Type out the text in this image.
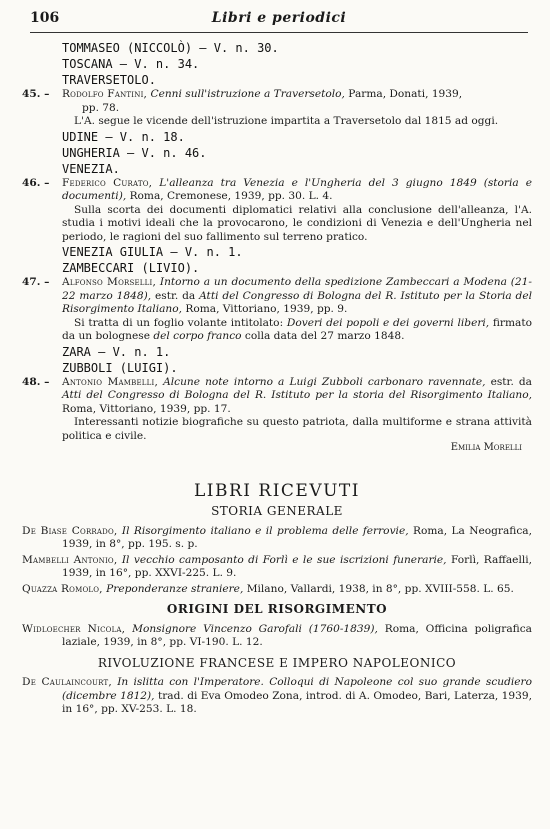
106	Libri e periodici
TOMMASEO (NICCOLÒ) – V. n. 30.
TOSCANA – V. n. 34.
TRAVERSETOLO.
45. – Rodolfo Fantini, Cenni sull'istruzione a Traversetolo, Parma, Donati, 1939,
pp. 78.
L'A. segue le vicende dell'istruzione impartita a Traversetolo dal 1815 ad oggi.
UDINE – V. n. 18.
UNGHERIA – V. n. 46.
VENEZIA.
46. – Federico Curato, L'alleanza tra Venezia e l'Ungheria del 3 giugno 1849 (storia e documenti), Roma, Cremonese, 1939, pp. 30. L. 4.
Sulla scorta dei documenti diplomatici relativi alla conclusione dell'alleanza, l'A. studia i motivi ideali che la provocarono, le condizioni di Venezia e dell'Ungheria nel periodo, le ragioni del suo fallimento sul terreno pratico.
VENEZIA GIULIA – V. n. 1.
ZAMBECCARI (LIVIO).
47. – Alfonso Morselli, Intorno a un documento della spedizione Zambeccari a Modena (21-22 marzo 1848), estr. da Atti del Congresso di Bologna del R. Istituto per la Storia del Risorgimento Italiano, Roma, Vittoriano, 1939, pp. 9.
Si tratta di un foglio volante intitolato: Doveri dei popoli e dei governi liberi, firmato da un bolognese del corpo franco colla data del 27 marzo 1848.
ZARA – V. n. 1.
ZUBBOLI (LUIGI).
48. – Antonio Mambelli, Alcune note intorno a Luigi Zubboli carbonaro ravennate, estr. da Atti del Congresso di Bologna del R. Istituto per la storia del Risorgimento Italiano, Roma, Vittoriano, 1939, pp. 17.
Interessanti notizie biografiche su questo patriota, dalla multiforme e strana attività politica e civile.
Emilia Morelli
LIBRI RICEVUTI
STORIA GENERALE
De Biase Corrado, Il Risorgimento italiano e il problema delle ferrovie, Roma, La Neografica, 1939, in 8°, pp. 195. s. p.
Mambelli Antonio, Il vecchio camposanto di Forlì e le sue iscrizioni funerarie, Forlì, Raffaelli, 1939, in 16°, pp. XXVI-225. L. 9.
Quazza Romolo, Preponderanze straniere, Milano, Vallardi, 1938, in 8°, pp. XVIII-558. L. 65.
ORIGINI DEL RISORGIMENTO
Widloecher Nicola, Monsignore Vincenzo Garofali (1760-1839), Roma, Officina poligrafica laziale, 1939, in 8°, pp. VI-190. L. 12.
RIVOLUZIONE FRANCESE E IMPERO NAPOLEONICO
De Caulaincourt, In islitta con l'Imperatore. Colloqui di Napoleone col suo grande scudiero (dicembre 1812), trad. di Eva Omodeo Zona, introd. di A. Omodeo, Bari, Laterza, 1939, in 16°, pp. XV-253. L. 18.
